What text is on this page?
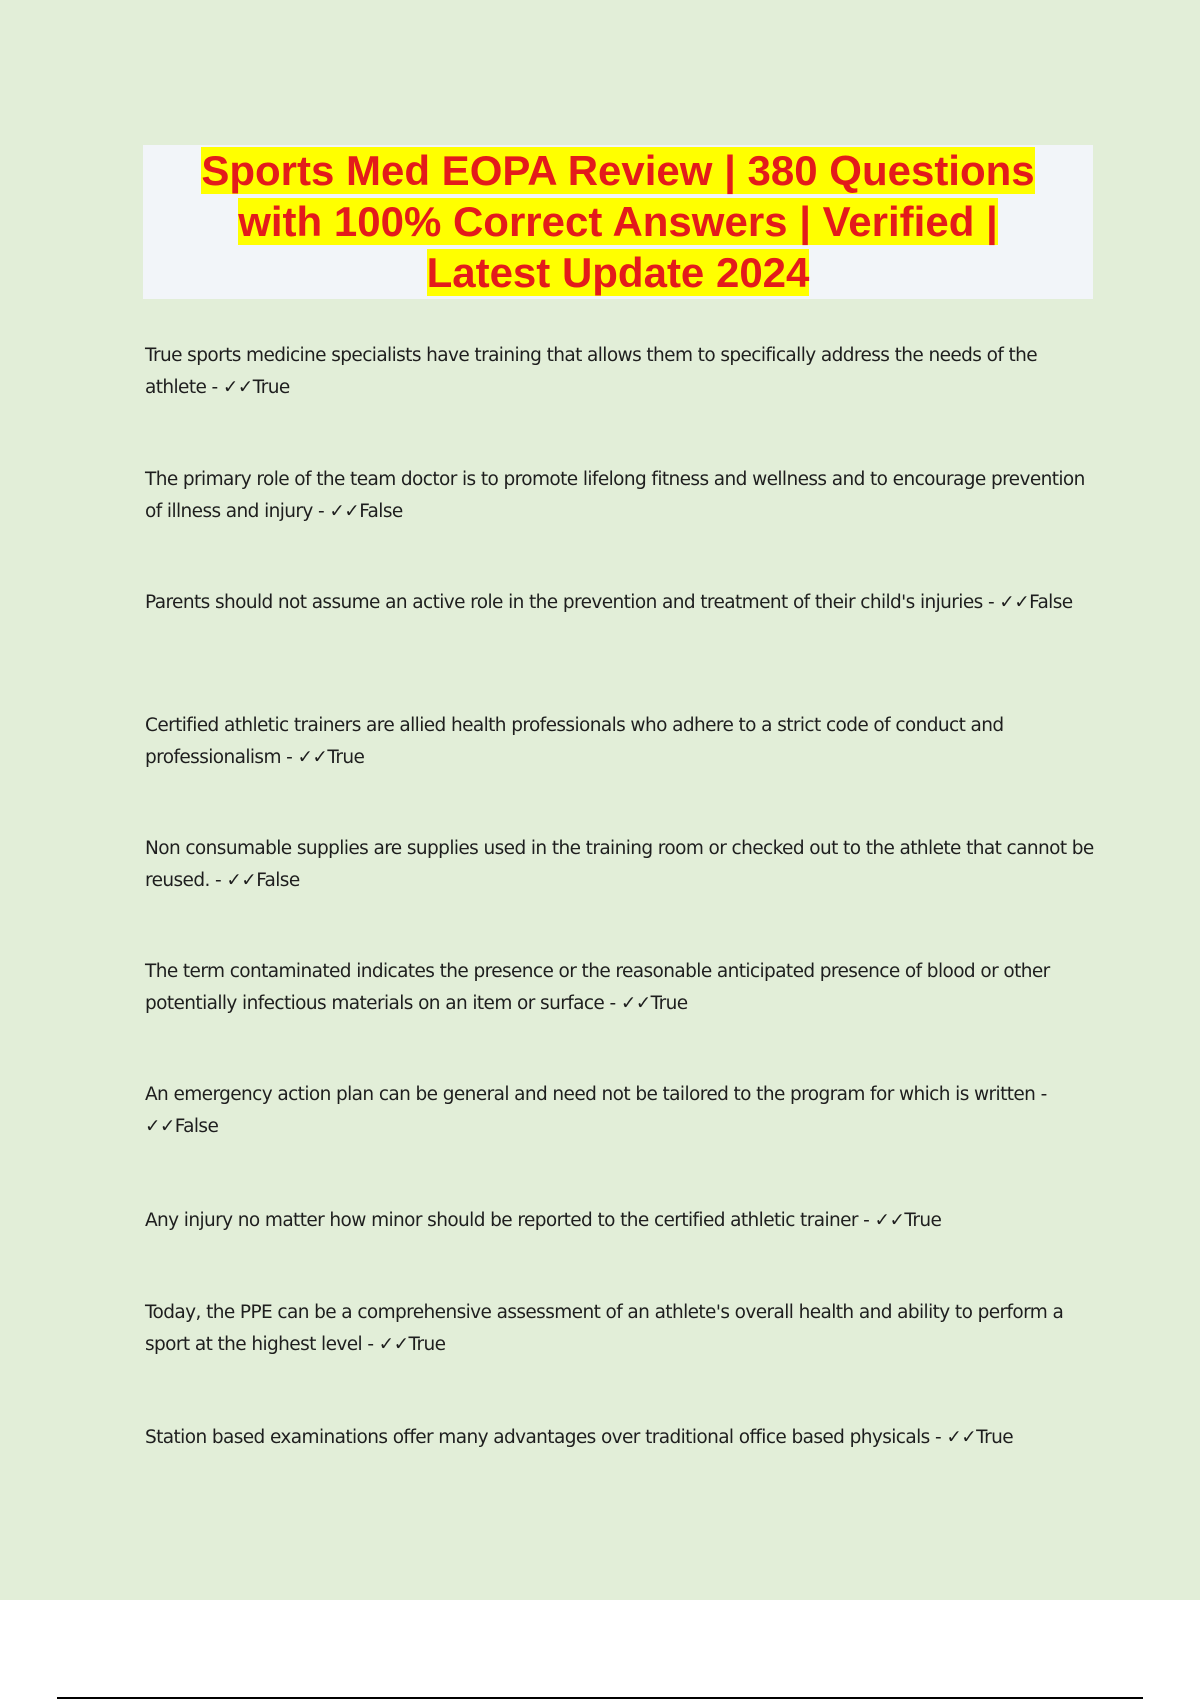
Sports Med EOPA Review | 380 Questions
with 100% Correct Answers | Verified |
Latest Update 2024

True sports medicine specialists have training that allows them to specifically address the needs of the athlete - ✓✓True

The primary role of the team doctor is to promote lifelong fitness and wellness and to encourage prevention of illness and injury - ✓✓False

Parents should not assume an active role in the prevention and treatment of their child's injuries - ✓✓False

Certified athletic trainers are allied health professionals who adhere to a strict code of conduct and professionalism - ✓✓True

Non consumable supplies are supplies used in the training room or checked out to the athlete that cannot be reused. - ✓✓False

The term contaminated indicates the presence or the reasonable anticipated presence of blood or other potentially infectious materials on an item or surface - ✓✓True

An emergency action plan can be general and need not be tailored to the program for which is written - ✓✓False

Any injury no matter how minor should be reported to the certified athletic trainer - ✓✓True

Today, the PPE can be a comprehensive assessment of an athlete's overall health and ability to perform a sport at the highest level - ✓✓True

Station based examinations offer many advantages over traditional office based physicals - ✓✓True
